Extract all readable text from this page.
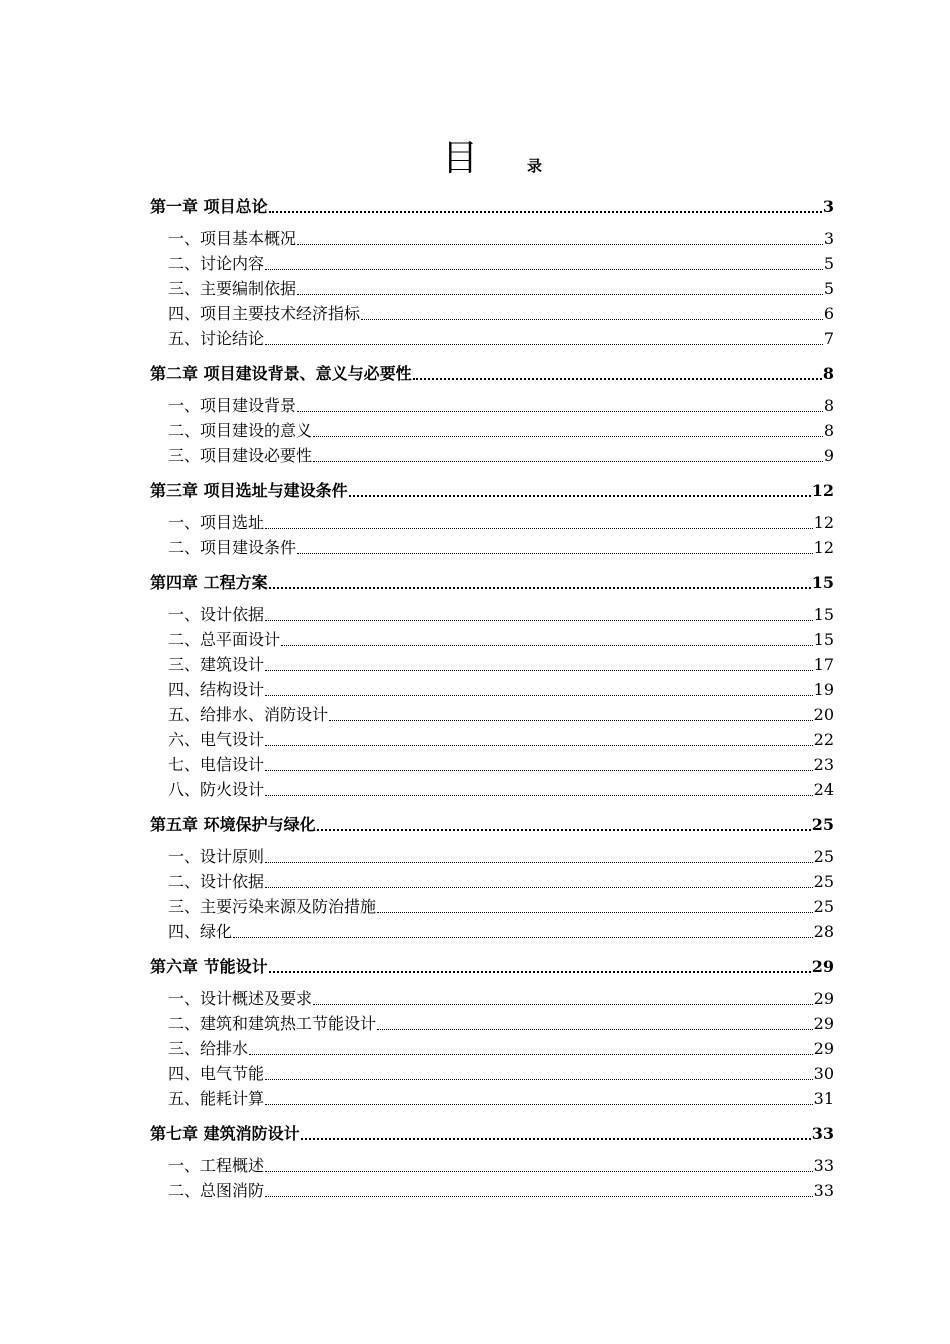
目	录
第一章 项目总论	3
一、项目基本概况	3
二、讨论内容	5
三、主要编制依据	5
四、项目主要技术经济指标	6
五、讨论结论	7
第二章 项目建设背景、意义与必要性	8
一、项目建设背景	8
二、项目建设的意义	8
三、项目建设必要性	9
第三章 项目选址与建设条件	12
一、项目选址	12
二、项目建设条件	12
第四章 工程方案	15
一、设计依据	15
二、总平面设计	15
三、建筑设计	17
四、结构设计	19
五、给排水、消防设计	20
六、电气设计	22
七、电信设计	23
八、防火设计	24
第五章 环境保护与绿化	25
一、设计原则	25
二、设计依据	25
三、主要污染来源及防治措施	25
四、绿化	28
第六章 节能设计	29
一、设计概述及要求	29
二、建筑和建筑热工节能设计	29
三、给排水	29
四、电气节能	30
五、能耗计算	31
第七章 建筑消防设计	33
一、工程概述	33
二、总图消防	33
